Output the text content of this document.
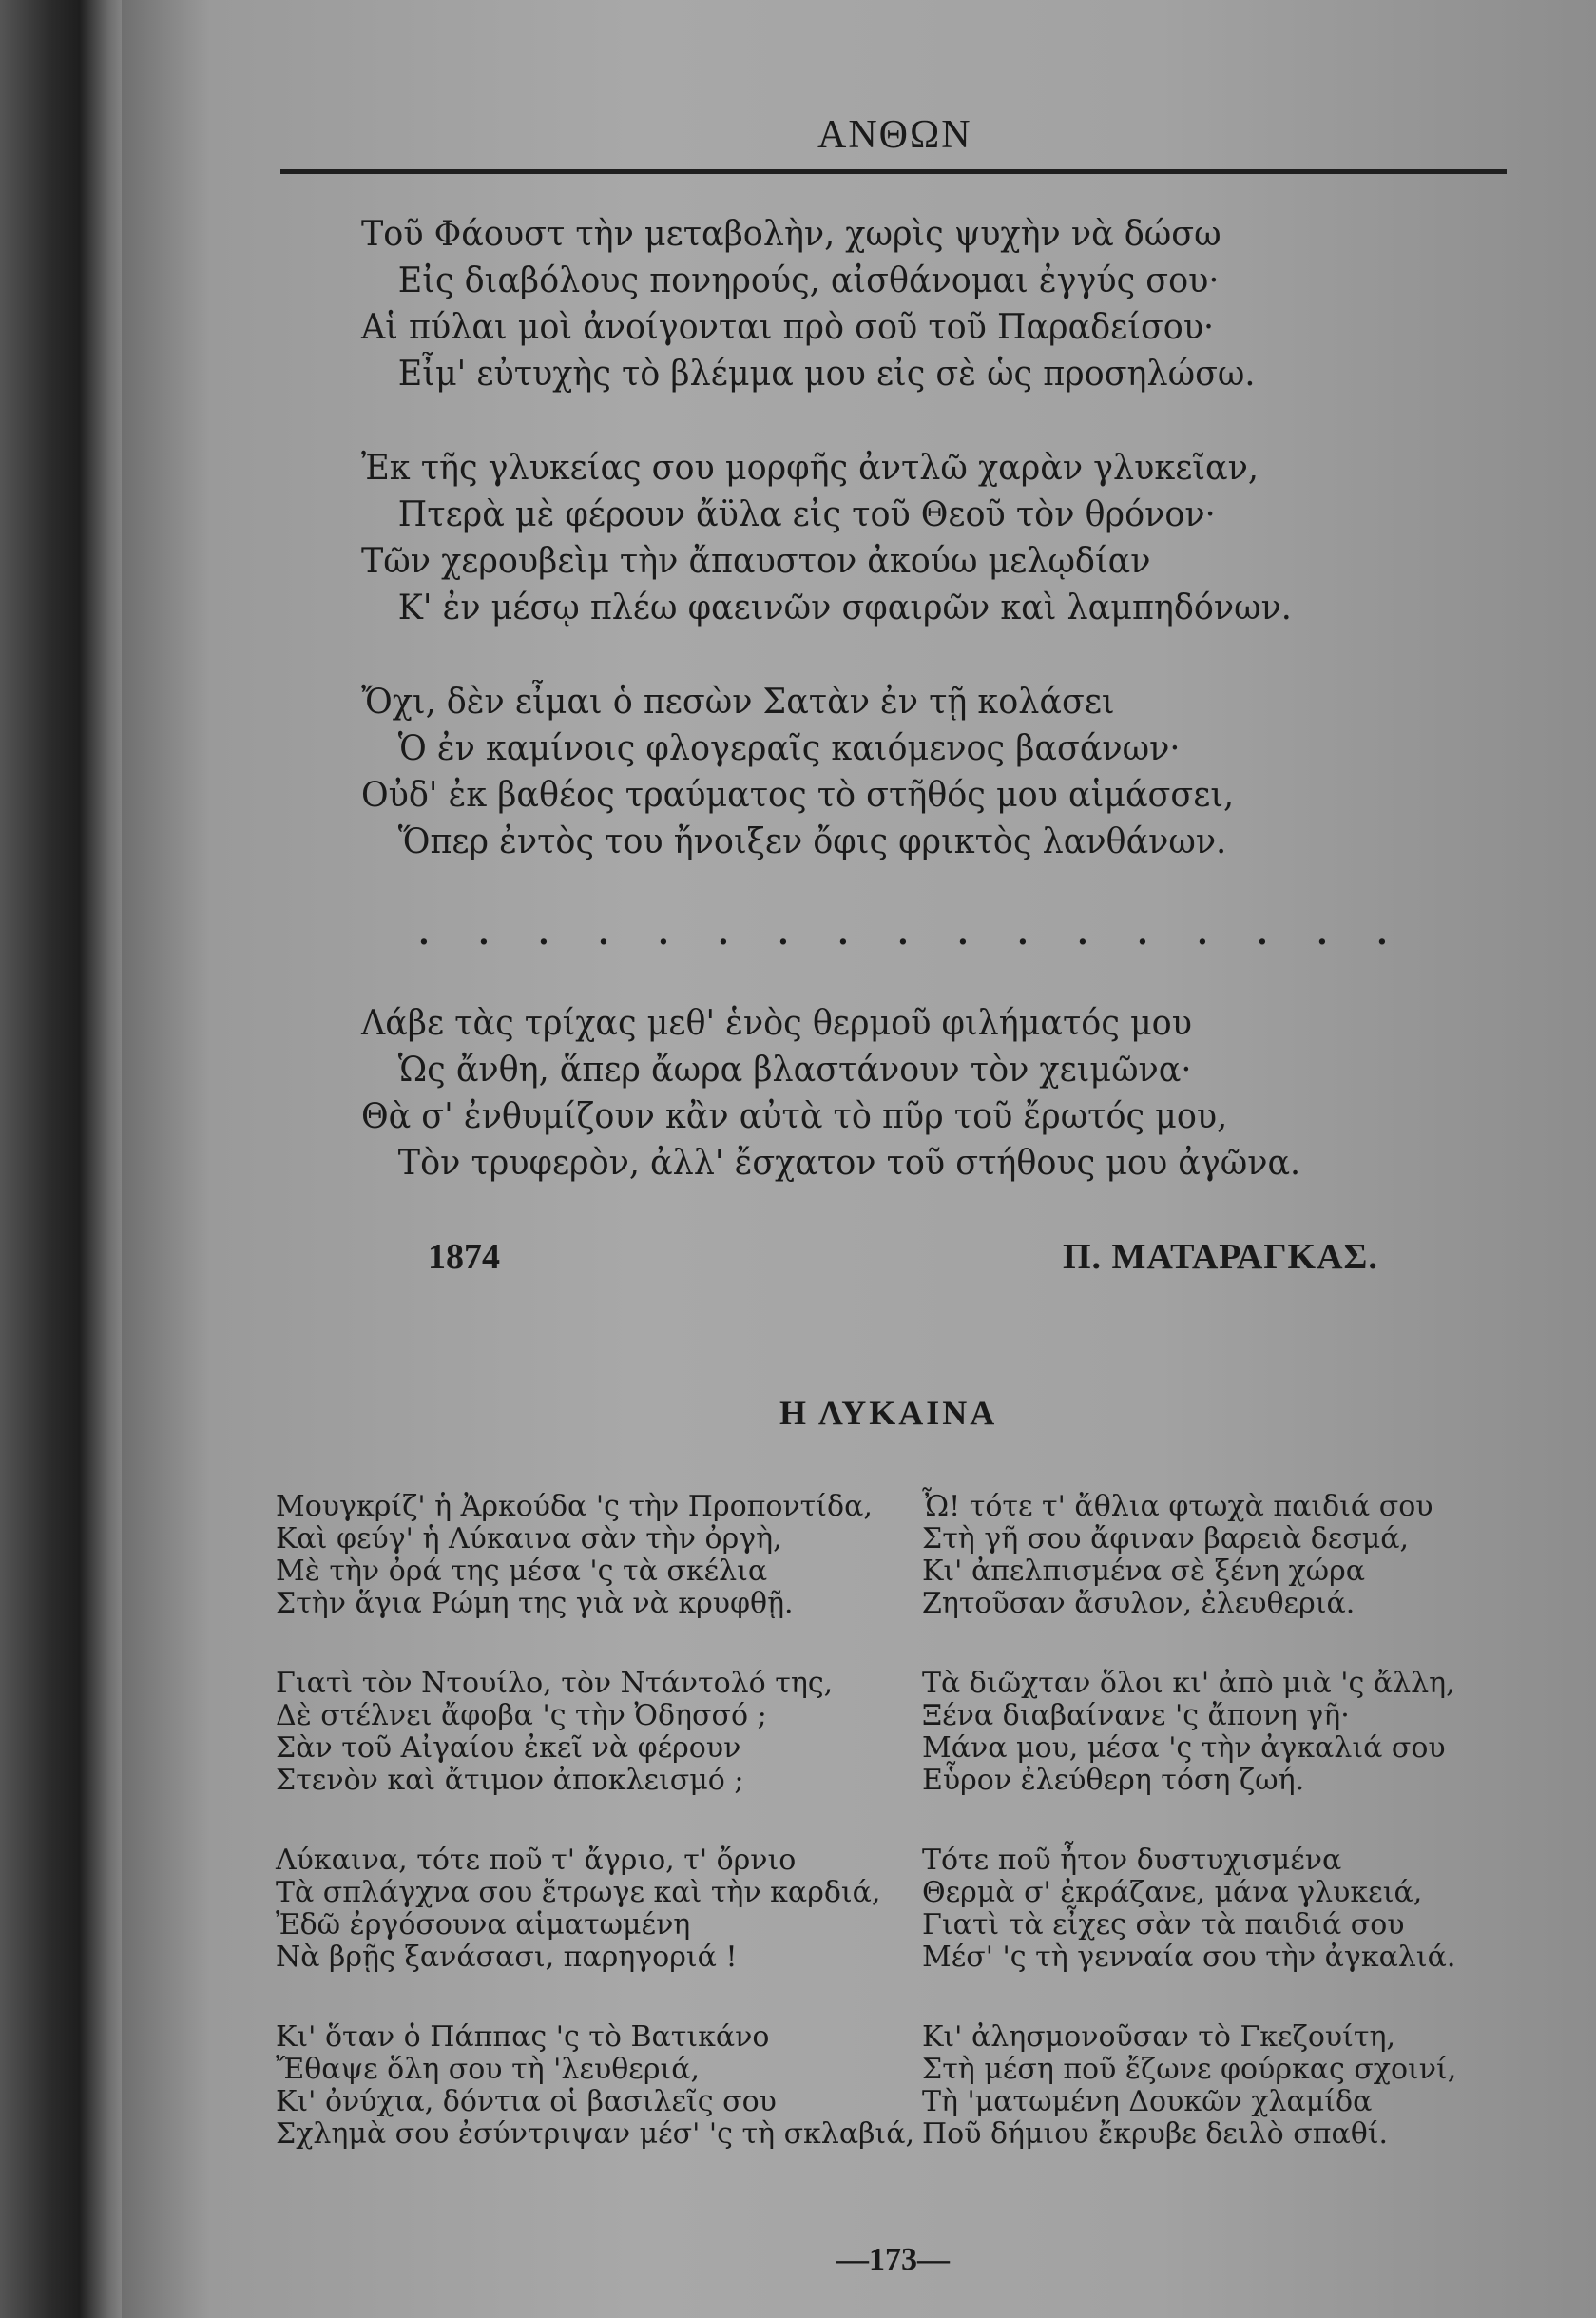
ΑΝΘΩΝ
Τοῦ Φάουστ τὴν μεταβολὴν, χωρὶς ψυχὴν νὰ δώσω
Εἰς διαβόλους πονηρούς, αἰσθάνομαι ἐγγύς σου·
Αἱ πύλαι μοὶ ἀνοίγονται πρὸ σοῦ τοῦ Παραδείσου·
Εἶμ' εὐτυχὴς τὸ βλέμμα μου εἰς σὲ ὡς προσηλώσω.
Ἐκ τῆς γλυκείας σου μορφῆς ἀντλῶ χαρὰν γλυκεῖαν,
Πτερὰ μὲ φέρουν ἄϋλα εἰς τοῦ Θεοῦ τὸν θρόνον·
Τῶν χερουβεὶμ τὴν ἄπαυστον ἀκούω μελῳδίαν
Κ' ἐν μέσῳ πλέω φαεινῶν σφαιρῶν καὶ λαμπηδόνων.
Ὄχι, δὲν εἶμαι ὁ πεσὼν Σατὰν ἐν τῇ κολάσει
Ὁ ἐν καμίνοις φλογεραῖς καιόμενος βασάνων·
Οὐδ' ἐκ βαθέος τραύματος τὸ στῆθός μου αἱμάσσει,
Ὅπερ ἐντὸς του ἤνοιξεν ὄφις φρικτὸς λανθάνων.
. . . . . . . . . . . . . . . . .
Λάβε τὰς τρίχας μεθ' ἑνὸς θερμοῦ φιλήματός μου
Ὡς ἄνθη, ἅπερ ἄωρα βλαστάνουν τὸν χειμῶνα·
Θὰ σ' ἐνθυμίζουν κἂν αὐτὰ τὸ πῦρ τοῦ ἔρωτός μου,
Τὸν τρυφερὸν, ἀλλ' ἔσχατον τοῦ στήθους μου ἀγῶνα.
1874	Π. ΜΑΤΑΡΑΓΚΑΣ.
Η ΛΥΚΑΙΝΑ
Μουγκρίζ' ἡ Ἀρκούδα 'ς τὴν Προποντίδα,
Καὶ φεύγ' ἡ Λύκαινα σὰν τὴν ὀργὴ,
Μὲ τὴν ὀρά της μέσα 'ς τὰ σκέλια
Στὴν ἅγια Ρώμη της γιὰ νὰ κρυφθῇ.
Γιατὶ τὸν Ντουίλο, τὸν Ντάντολό της,
Δὲ στέλνει ἄφοβα 'ς τὴν Ὀδησσό ;
Σὰν τοῦ Αἰγαίου ἐκεῖ νὰ φέρουν
Στενὸν καὶ ἄτιμον ἀποκλεισμό ;
Λύκαινα, τότε ποῦ τ' ἄγριο, τ' ὄρνιο
Τὰ σπλάγχνα σου ἔτρωγε καὶ τὴν καρδιά,
Ἐδῶ ἐργόσουνα αἱματωμένη
Νὰ βρῇς ξανάσασι, παρηγοριά !
Κι' ὅταν ὁ Πάππας 'ς τὸ Βατικάνο
Ἔθαψε ὅλη σου τὴ 'λευθεριά,
Κι' ὀνύχια, δόντια οἱ βασιλεῖς σου
Σχλημὰ σου ἐσύντριψαν μέσ' 'ς τὴ σκλαβιά,
Ὦ! τότε τ' ἄθλια φτωχὰ παιδιά σου
Στὴ γῆ σου ἄφιναν βαρειὰ δεσμά,
Κι' ἀπελπισμένα σὲ ξένη χώρα
Ζητοῦσαν ἄσυλον, ἐλευθεριά.
Τὰ διῶχταν ὅλοι κι' ἀπὸ μιὰ 'ς ἄλλη,
Ξένα διαβαίνανε 'ς ἄπονη γῆ·
Μάνα μου, μέσα 'ς τὴν ἀγκαλιά σου
Εὗρον ἐλεύθερη τόση ζωή.
Τότε ποῦ ἦτον δυστυχισμένα
Θερμὰ σ' ἐκράζανε, μάνα γλυκειά,
Γιατὶ τὰ εἶχες σὰν τὰ παιδιά σου
Μέσ' 'ς τὴ γενναία σου τὴν ἀγκαλιά.
Κι' ἀλησμονοῦσαν τὸ Γκεζουίτη,
Στὴ μέση ποῦ ἔζωνε φούρκας σχοινί,
Τὴ 'ματωμένη Δουκῶν χλαμίδα
Ποῦ δήμιου ἔκρυβε δειλὸ σπαθί.
—173—
